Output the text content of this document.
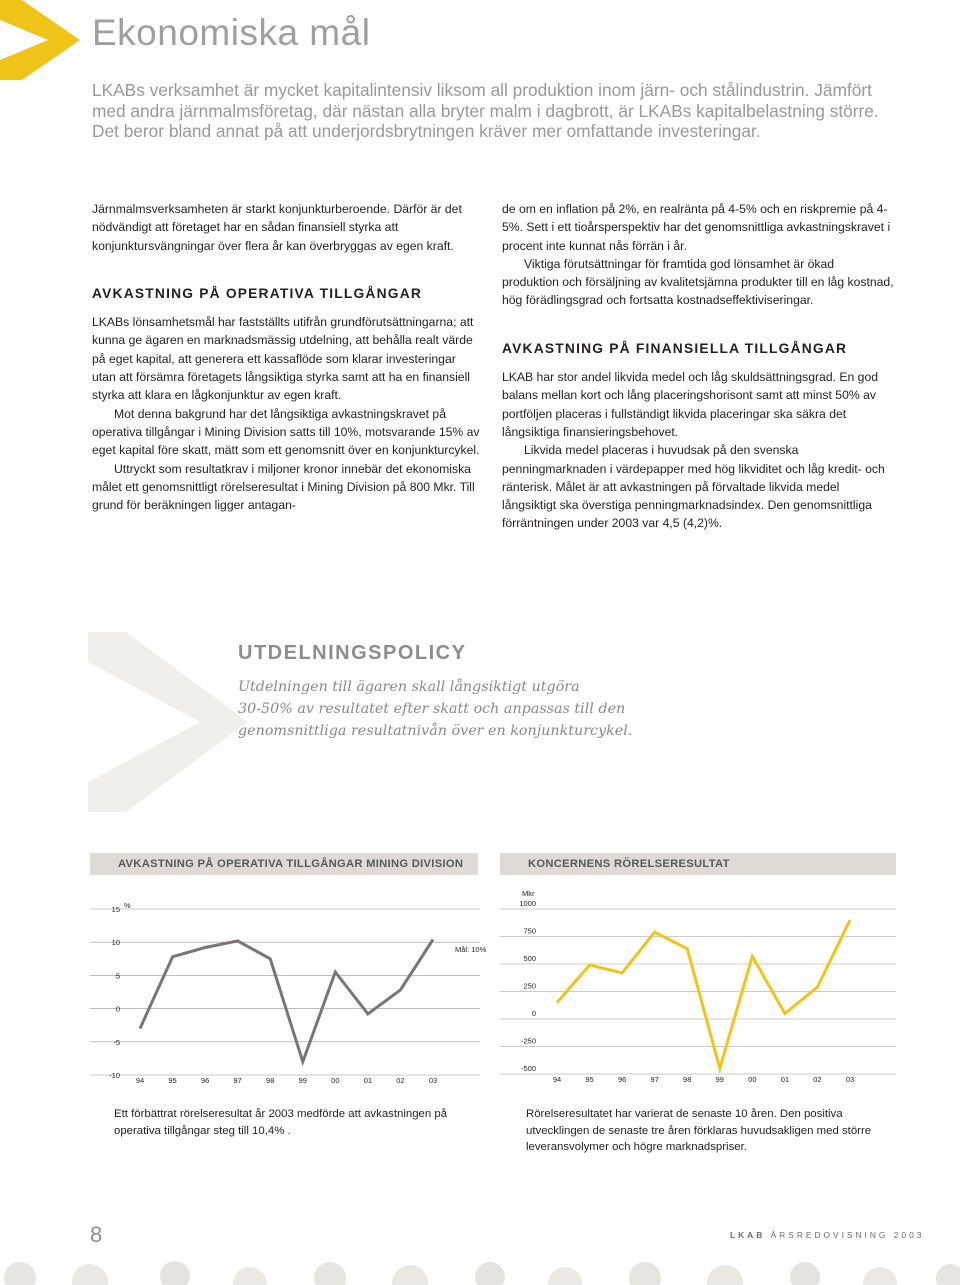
Ekonomiska mål

LKABs verksamhet är mycket kapitalintensiv liksom all produktion inom järn- och stålindustrin. Jämfört med andra järnmalmsföretag, där nästan alla bryter malm i dagbrott, är LKABs kapitalbelastning större. Det beror bland annat på att underjordsbrytningen kräver mer omfattande investeringar.

Järnmalmsverksamheten är starkt konjunkturberoende. Därför är det nödvändigt att företaget har en sådan finansiell styrka att konjunktursvängningar över flera år kan överbryggas av egen kraft.

AVKASTNING PÅ OPERATIVA TILLGÅNGAR

LKABs lönsamhetsmål har fastställts utifrån grundförutsättningarna; att kunna ge ägaren en marknadsmässig utdelning, att behålla realt värde på eget kapital, att generera ett kassaflöde som klarar investeringar utan att försämra företagets långsiktiga styrka samt att ha en finansiell styrka att klara en lågkonjunktur av egen kraft.

Mot denna bakgrund har det långsiktiga avkastningskravet på operativa tillgångar i Mining Division satts till 10%, motsvarande 15% av eget kapital före skatt, mätt som ett genomsnitt över en konjunkturcykel.

Uttryckt som resultatkrav i miljoner kronor innebär det ekonomiska målet ett genomsnittligt rörelseresultat i Mining Division på 800 Mkr. Till grund för beräkningen ligger antagan-

de om en inflation på 2%, en realränta på 4-5% och en riskpremie på 4-5%. Sett i ett tioårsperspektiv har det genomsnittliga avkastningskravet i procent inte kunnat nås förrän i år.

Viktiga förutsättningar för framtida god lönsamhet är ökad produktion och försäljning av kvalitetsjämna produkter till en låg kostnad, hög förädlingsgrad och fortsatta kostnadseffektiviseringar.

AVKASTNING PÅ FINANSIELLA TILLGÅNGAR

LKAB har stor andel likvida medel och låg skuldsättningsgrad. En god balans mellan kort och lång placeringshorisont samt att minst 50% av portföljen placeras i fullständigt likvida placeringar ska säkra det långsiktiga finansieringsbehovet.

Likvida medel placeras i huvudsak på den svenska penningmarknaden i värdepapper med hög likviditet och låg kredit- och ränterisk. Målet är att avkastningen på förvaltade likvida medel långsiktigt ska överstiga penningmarknadsindex. Den genomsnittliga förräntningen under 2003 var 4,5 (4,2)%.

UTDELNINGSPOLICY
Utdelningen till ägaren skall långsiktigt utgöra
30-50% av resultatet efter skatt och anpassas till den
genomsnittliga resultatnivån över en konjunkturcykel.
AVKASTNING PÅ OPERATIVA TILLGÅNGAR MINING DIVISION	KONCERNENS RÖRELSERESULTAT
15
10
5
0
-5
-10
%
94	95	96	97	98	99	00	01	02	03
Mål: 10%
1000
750
500
250
0
-250
-500
Mkr
94	95	96	97	98	99	00	01	02	03
Ett förbättrat rörelseresultat år 2003 medförde att avkastningen på operativa tillgångar steg till 10,4% .
Rörelseresultatet har varierat de senaste 10 åren. Den positiva utvecklingen de senaste tre åren förklaras huvudsakligen med större leveransvolymer och högre marknadspriser.
8	LKAB ÅRSREDOVISNING 2003
